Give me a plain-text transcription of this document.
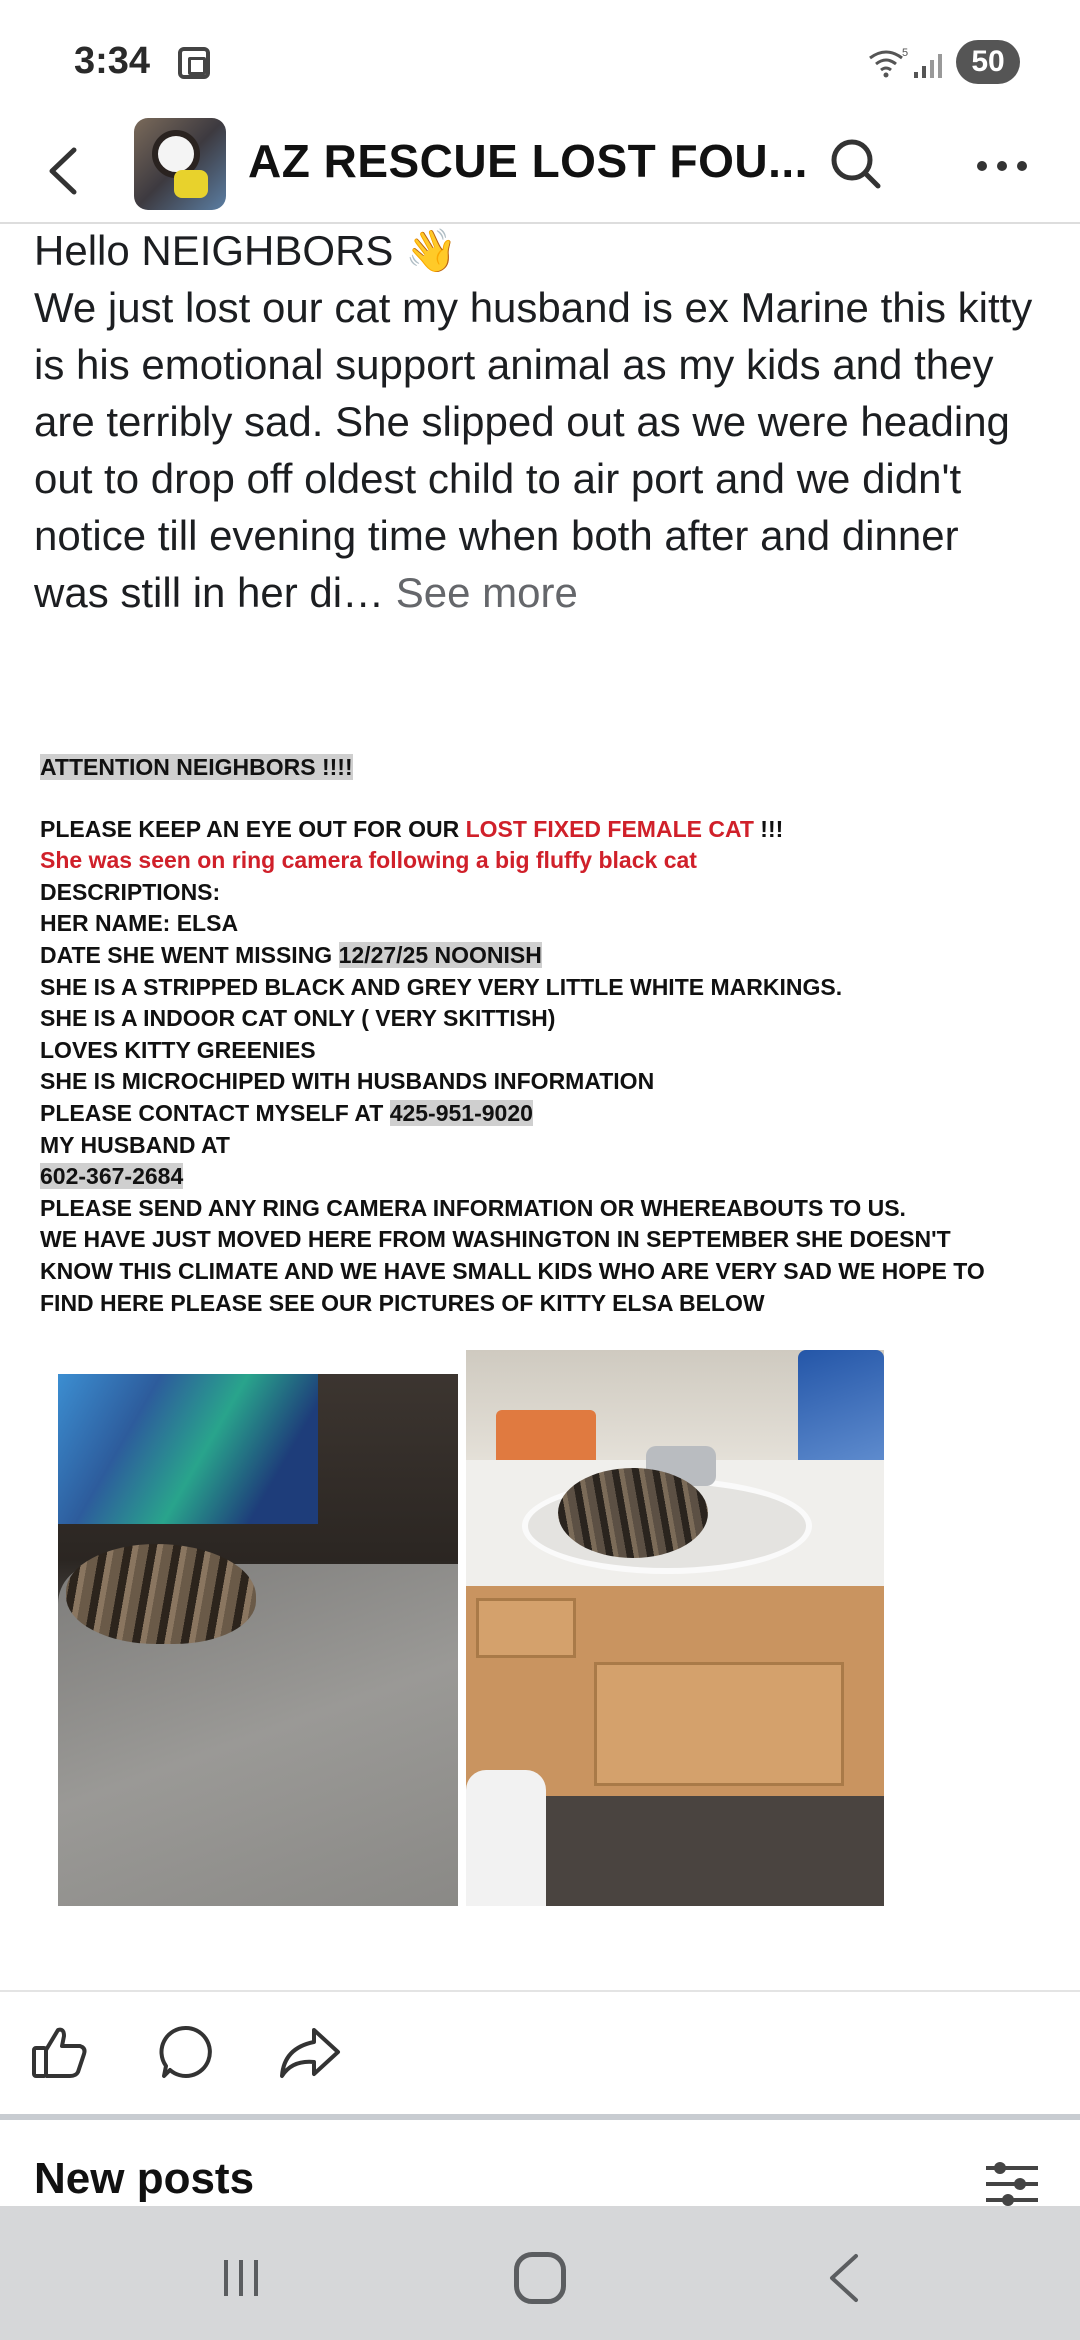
3:34	5	50
AZ RESCUE LOST FOU...

Hello NEIGHBORS 👋

We just lost our cat my husband is ex Marine this kitty is his emotional support animal as my kids and they are terribly sad. She slipped out as we were heading out to drop off oldest child to air port and we didn't notice till evening time when both after and dinner was still in her di… See more

ATTENTION NEIGHBORS !!!!
PLEASE KEEP AN EYE OUT FOR OUR LOST FIXED FEMALE CAT !!!
She was seen on ring camera following a big fluffy black cat
DESCRIPTIONS:
HER NAME: ELSA
DATE SHE WENT MISSING 12/27/25 NOONISH
SHE IS A STRIPPED BLACK AND GREY VERY LITTLE WHITE MARKINGS.
SHE IS A INDOOR CAT ONLY ( VERY SKITTISH)
LOVES KITTY GREENIES
SHE IS MICROCHIPED WITH HUSBANDS INFORMATION
PLEASE CONTACT MYSELF AT 425-951-9020
MY HUSBAND AT
602-367-2684
PLEASE SEND ANY RING CAMERA INFORMATION OR WHEREABOUTS TO US.
WE HAVE JUST MOVED HERE FROM WASHINGTON IN SEPTEMBER SHE DOESN'T
KNOW THIS CLIMATE AND WE HAVE SMALL KIDS WHO ARE VERY SAD WE HOPE TO
FIND HERE PLEASE SEE OUR PICTURES OF KITTY ELSA BELOW
New posts
